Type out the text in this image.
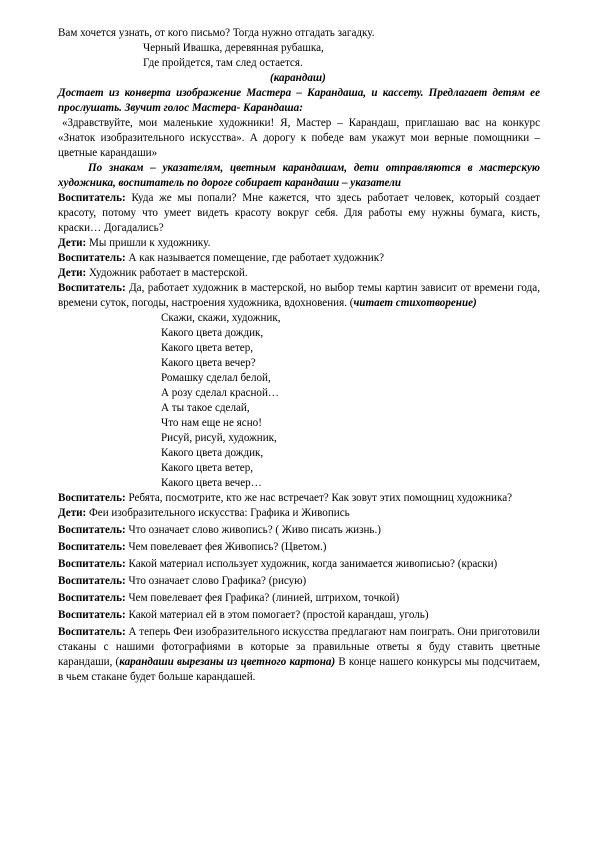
Вам хочется узнать, от кого письмо? Тогда нужно отгадать загадку.

Черный Ивашка, деревянная рубашка,

Где пройдется, там след остается.

(карандаш)

Достает из конверта изображение Мастера – Карандаша, и кассету. Предлагает детям ее прослушать. Звучит голос Мастера- Карандаша:

«Здравствуйте, мои маленькие художники! Я, Мастер – Карандаш, приглашаю вас на конкурс «Знаток изобразительного искусства». А дорогу к победе вам укажут мои верные помощники – цветные карандаши»

По знакам – указателям, цветным карандашам, дети отправляются в мастерскую художника, воспитатель по дороге собирает карандаши – указатели

Воспитатель: Куда же мы попали? Мне кажется, что здесь работает человек, который создает красоту, потому что умеет видеть красоту вокруг себя. Для работы ему нужны бумага, кисть, краски… Догадались?

Дети: Мы пришли к художнику.

Воспитатель: А как называется помещение, где работает художник?

Дети: Художник работает в мастерской.

Воспитатель: Да, работает художник в мастерской, но выбор темы картин зависит от времени года, времени суток, погоды, настроения художника, вдохновения. (читает стихотворение)

Скажи, скажи, художник,

Какого цвета дождик,

Какого цвета ветер,

Какого цвета вечер?

Ромашку сделал белой,

А розу сделал красной…

А ты такое сделай,

Что нам еще не ясно!

Рисуй, рисуй, художник,

Какого цвета дождик,

Какого цвета ветер,

Какого цвета вечер…

Воспитатель: Ребята, посмотрите, кто же нас встречает? Как зовут этих помощниц художника?

Дети: Феи изобразительного искусства: Графика и Живопись

Воспитатель: Что означает слово живопись? ( Живо писать жизнь.)

Воспитатель: Чем повелевает фея Живопись? (Цветом.)

Воспитатель: Какой материал использует художник, когда занимается живописью? (краски)

Воспитатель: Что означает слово Графика? (рисую)

Воспитатель: Чем повелевает фея Графика? (линией, штрихом, точкой)

Воспитатель: Какой материал ей в этом помогает? (простой карандаш, уголь)

Воспитатель: А теперь Феи изобразительного искусства предлагают нам поиграть. Они приготовили стаканы с нашими фотографиями в которые за правильные ответы я буду ставить цветные карандаши, (карандаши вырезаны из цветного картона) В конце нашего конкурсы мы подсчитаем, в чьем стакане будет больше карандашей.
